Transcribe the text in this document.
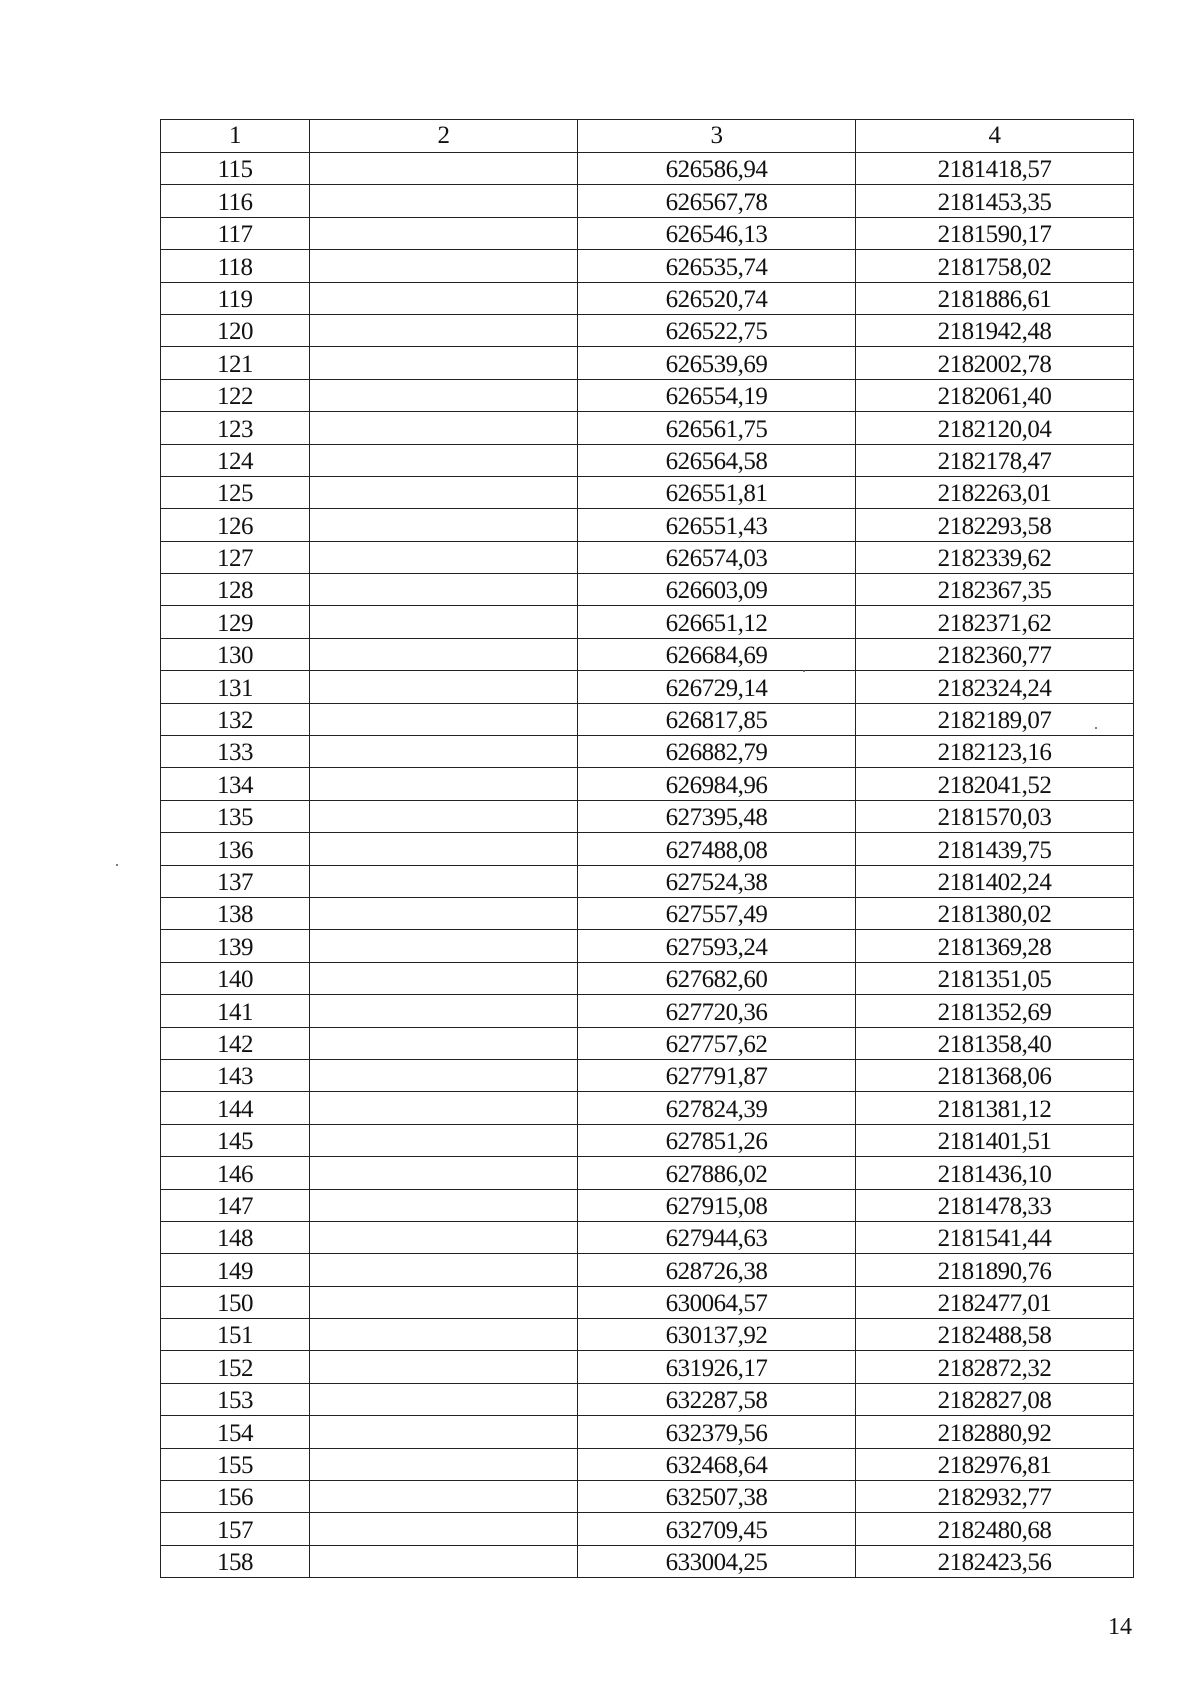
1	2	3	4
115		626586,94	2181418,57
116		626567,78	2181453,35
117		626546,13	2181590,17
118		626535,74	2181758,02
119		626520,74	2181886,61
120		626522,75	2181942,48
121		626539,69	2182002,78
122		626554,19	2182061,40
123		626561,75	2182120,04
124		626564,58	2182178,47
125		626551,81	2182263,01
126		626551,43	2182293,58
127		626574,03	2182339,62
128		626603,09	2182367,35
129		626651,12	2182371,62
130		626684,69	2182360,77
131		626729,14	2182324,24
132		626817,85	2182189,07
133		626882,79	2182123,16
134		626984,96	2182041,52
135		627395,48	2181570,03
136		627488,08	2181439,75
137		627524,38	2181402,24
138		627557,49	2181380,02
139		627593,24	2181369,28
140		627682,60	2181351,05
141		627720,36	2181352,69
142		627757,62	2181358,40
143		627791,87	2181368,06
144		627824,39	2181381,12
145		627851,26	2181401,51
146		627886,02	2181436,10
147		627915,08	2181478,33
148		627944,63	2181541,44
149		628726,38	2181890,76
150		630064,57	2182477,01
151		630137,92	2182488,58
152		631926,17	2182872,32
153		632287,58	2182827,08
154		632379,56	2182880,92
155		632468,64	2182976,81
156		632507,38	2182932,77
157		632709,45	2182480,68
158		633004,25	2182423,56
14
